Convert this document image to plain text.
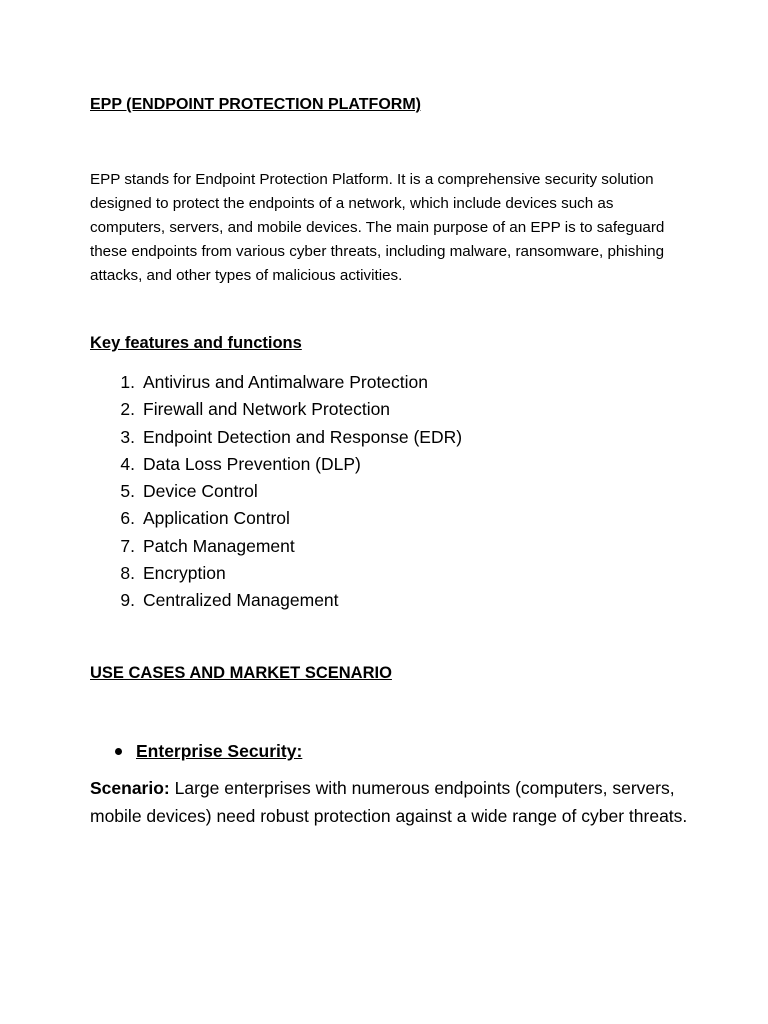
EPP (ENDPOINT PROTECTION PLATFORM)

EPP stands for Endpoint Protection Platform. It is a comprehensive security solution designed to protect the endpoints of a network, which include devices such as computers, servers, and mobile devices. The main purpose of an EPP is to safeguard these endpoints from various cyber threats, including malware, ransomware, phishing attacks, and other types of malicious activities.

Key features and functions
1. Antivirus and Antimalware Protection
2. Firewall and Network Protection
3. Endpoint Detection and Response (EDR)
4. Data Loss Prevention (DLP)
5. Device Control
6. Application Control
7. Patch Management
8. Encryption
9. Centralized Management
USE CASES AND MARKET SCENARIO
Enterprise Security:

Scenario: Large enterprises with numerous endpoints (computers, servers, mobile devices) need robust protection against a wide range of cyber threats.
